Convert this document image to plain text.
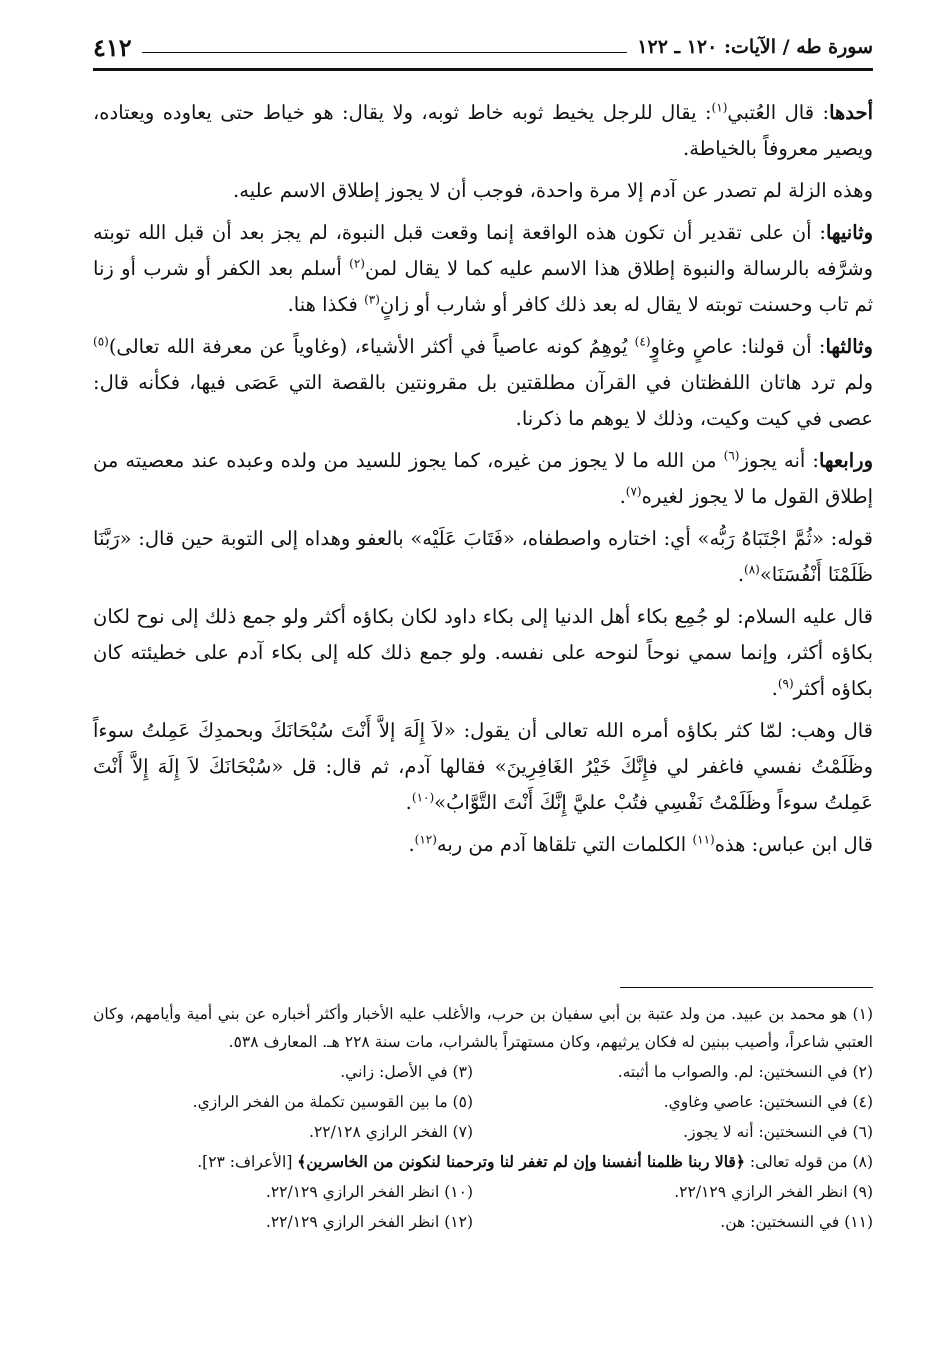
سورة طه / الآيات: ١٢٠ ـ ١٢٢
٤١٢

أحدها: قال العُتبي$^{(١)}$: يقال للرجل يخيط ثوبه خاط ثوبه، ولا يقال: هو خياط حتى يعاوده ويعتاده، ويصير معروفاً بالخياطة.

وهذه الزلة لم تصدر عن آدم إلا مرة واحدة، فوجب أن لا يجوز إطلاق الاسم عليه.

وثانيها: أن على تقدير أن تكون هذه الواقعة إنما وقعت قبل النبوة، لم يجز بعد أن قبل الله توبته وشرَّفه بالرسالة والنبوة إطلاق هذا الاسم عليه كما لا يقال لمن$^{(٢)}$ أسلم بعد الكفر أو شرب أو زنا ثم تاب وحسنت توبته لا يقال له بعد ذلك كافر أو شارب أو زانٍ$^{(٣)}$ فكذا هنا.

وثالثها: أن قولنا: عاصٍ وغاوٍ$^{(٤)}$ يُوهِمُ كونه عاصياً في أكثر الأشياء، (وغاوياً عن معرفة الله تعالى)$^{(٥)}$ ولم ترد هاتان اللفظتان في القرآن مطلقتين بل مقرونتين بالقصة التي عَصَى فيها، فكأنه قال: عصى في كيت وكيت، وذلك لا يوهم ما ذكرنا.

ورابعها: أنه يجوز$^{(٦)}$ من الله ما لا يجوز من غيره، كما يجوز للسيد من ولده وعبده عند معصيته من إطلاق القول ما لا يجوز لغيره$^{(٧)}$.

قوله: «ثُمَّ اجْتَبَاهُ رَبُّه» أي: اختاره واصطفاه، «فَتَابَ عَلَيْه» بالعفو وهداه إلى التوبة حين قال: «رَبَّنَا ظَلَمْنَا أَنْفُسَنَا»$^{(٨)}$.

قال عليه السلام: لو جُمِع بكاء أهل الدنيا إلى بكاء داود لكان بكاؤه أكثر ولو جمع ذلك إلى نوح لكان بكاؤه أكثر، وإنما سمي نوحاً لنوحه على نفسه. ولو جمع ذلك كله إلى بكاء آدم على خطيئته كان بكاؤه أكثر$^{(٩)}$.

قال وهب: لمّا كثر بكاؤه أمره الله تعالى أن يقول: «لاَ إِلَهَ إلاَّ أَنْتَ سُبْحَانَكَ وبحمدِكَ عَمِلتُ سوءاً وظَلَمْتُ نفسي فاغفر لي فإِنَّكَ خَيْرُ الغَافِرِينَ» فقالها آدم، ثم قال: قل «سُبْحَانَكَ لاَ إِلَهَ إِلاَّ أَنْتَ عَمِلتُ سوءاً وظَلَمْتُ نَفْسِي فتُبْ عليَّ إِنَّكَ أَنْتَ التَّوَّابُ»$^{(١٠)}$.

قال ابن عباس: هذه$^{(١١)}$ الكلمات التي تلقاها آدم من ربه$^{(١٢)}$.

(١) هو محمد بن عبيد. من ولد عتبة بن أبي سفيان بن حرب، والأغلب عليه الأخبار وأكثر أخباره عن بني أمية وأيامهم، وكان العتبي شاعراً، وأصيب ببنين له فكان يرثيهم، وكان مستهتراً بالشراب، مات سنة ٢٢٨ هـ. المعارف ٥٣٨.

(٢) في النسختين: لم. والصواب ما أثبته.
(٣) في الأصل: زاني.
(٤) في النسختين: عاصي وغاوي.
(٥) ما بين القوسين تكملة من الفخر الرازي.
(٦) في النسختين: أنه لا يجوز.
(٧) الفخر الرازي ٢٢/١٢٨.

(٨) من قوله تعالى: ﴿قالا ربنا ظلمنا أنفسنا وإن لم تغفر لنا وترحمنا لنكونن من الخاسرين﴾ [الأعراف: ٢٣].

(٩) انظر الفخر الرازي ٢٢/١٢٩.
(١٠) انظر الفخر الرازي ٢٢/١٢٩.
(١١) في النسختين: هن.
(١٢) انظر الفخر الرازي ٢٢/١٢٩.
